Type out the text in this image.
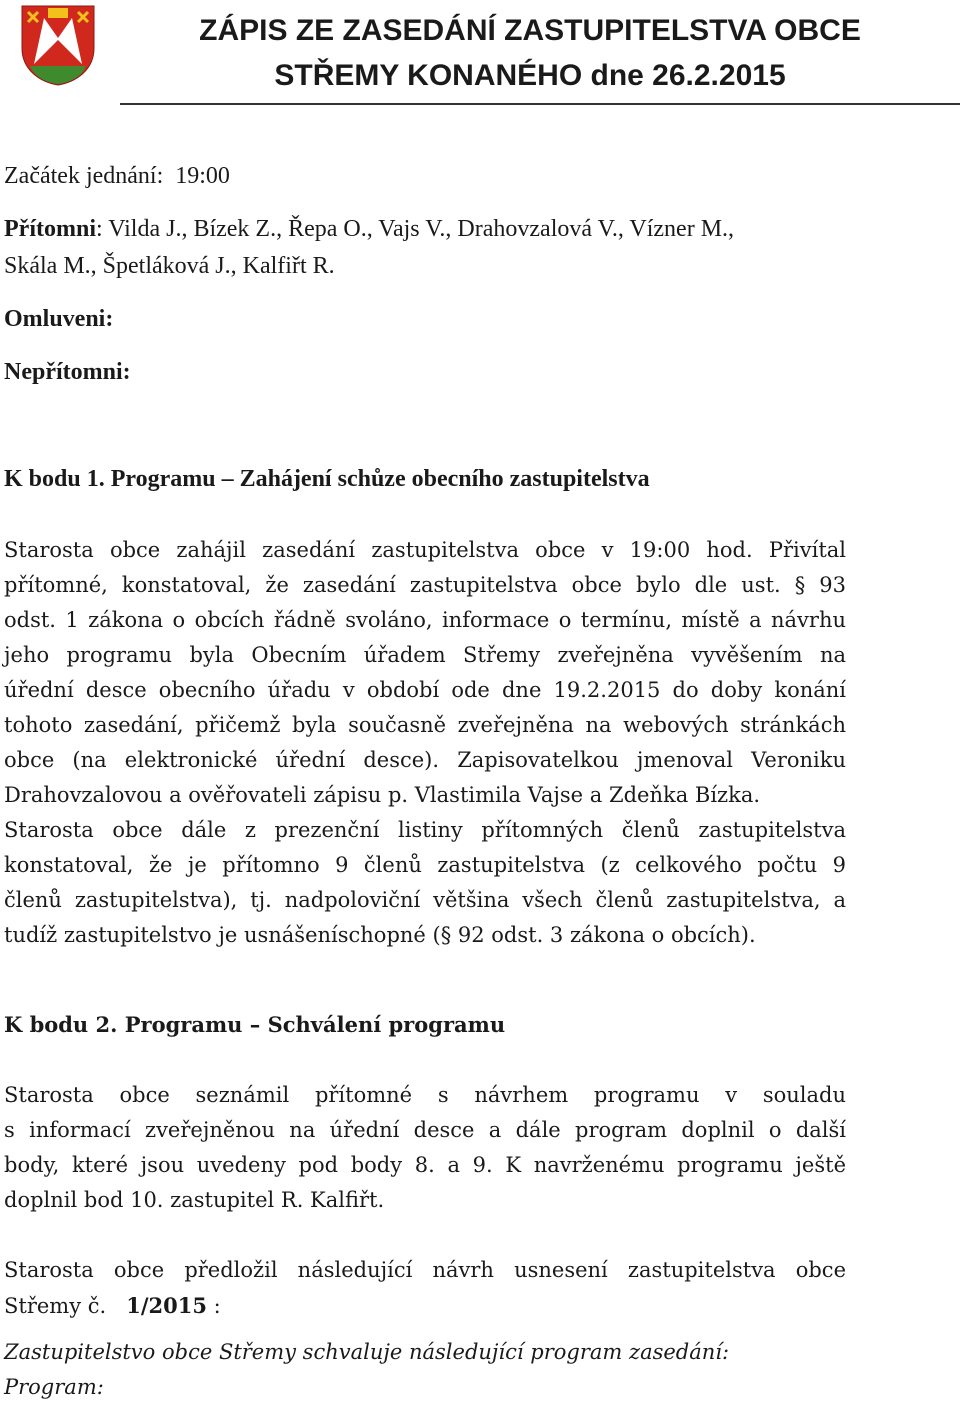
ZÁPIS ZE ZASEDÁNÍ ZASTUPITELSTVA OBCE
STŘEMY KONANÉHO dne 26.2.2015
Začátek jednání: 19:00
Přítomni: Vilda J., Bízek Z., Řepa O., Vajs V., Drahovzalová V., Vízner M.,
Skála M., Špetláková J., Kalfiřt R.
Omluveni:
Nepřítomni:
K bodu 1. Programu – Zahájení schůze obecního zastupitelstva
Starosta obce zahájil zasedání zastupitelstva obce v 19:00 hod. Přivítal
přítomné, konstatoval, že zasedání zastupitelstva obce bylo dle ust. § 93
odst. 1 zákona o obcích řádně svoláno, informace o termínu, místě a návrhu
jeho programu byla Obecním úřadem Střemy zveřejněna vyvěšením na
úřední desce obecního úřadu v období ode dne 19.2.2015 do doby konání
tohoto zasedání, přičemž byla současně zveřejněna na webových stránkách
obce (na elektronické úřední desce). Zapisovatelkou jmenoval Veroniku
Drahovzalovou a ověřovateli zápisu p. Vlastimila Vajse a Zdeňka Bízka.
Starosta obce dále z prezenční listiny přítomných členů zastupitelstva
konstatoval, že je přítomno 9 členů zastupitelstva (z celkového počtu 9
členů zastupitelstva), tj. nadpoloviční většina všech členů zastupitelstva, a
tudíž zastupitelstvo je usnášeníschopné (§ 92 odst. 3 zákona o obcích).
K bodu 2. Programu – Schválení programu
Starosta obce seznámil přítomné s návrhem programu v souladu
s informací zveřejněnou na úřední desce a dále program doplnil o další
body, které jsou uvedeny pod body 8. a 9. K navrženému programu ještě
doplnil bod 10. zastupitel R. Kalfiřt.
Starosta obce předložil následující návrh usnesení zastupitelstva obce
Střemy č. 1/2015 :
Zastupitelstvo obce Střemy schvaluje následující program zasedání:
Program:
